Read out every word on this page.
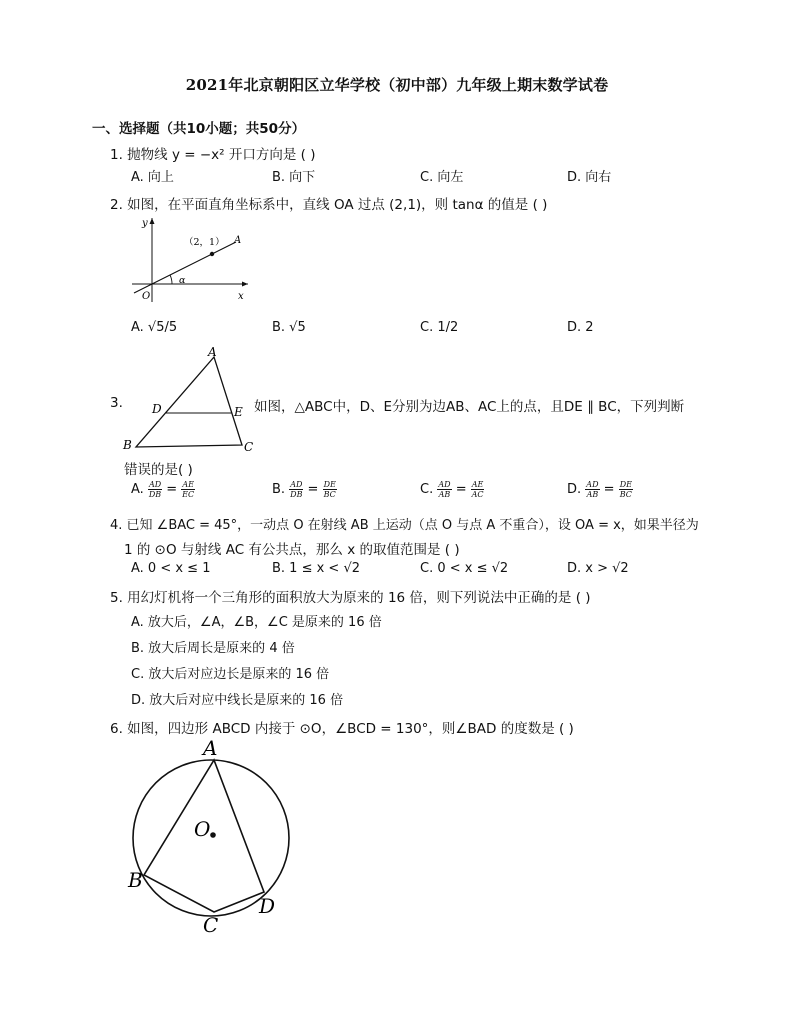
2021年北京朝阳区立华学校（初中部）九年级上期末数学试卷
一、选择题（共10小题；共50分）
1. 抛物线 y = −x² 开口方向是 ( )
A. 向上	B. 向下	C. 向左	D. 向右
2. 如图，在平面直角坐标系中，直线 OA 过点 (2,1)，则 tanα 的值是 ( )
（2，1） A
O	x
y
α
A. √5/5	B. √5	C. 1/2	D. 2
3.
A
B	C
D	E 如图，△ABC中，D、E分别为边AB、AC上的点，且DE ∥ BC，下列判断
错误的是( )
A. $\frac{AD}{DB} = \frac{AE}{EC}$	B. $\frac{AD}{DB} = \frac{DE}{BC}$	C. $\frac{AD}{AB} = \frac{AE}{AC}$	D. $\frac{AD}{AB} = \frac{DE}{BC}$
4. 已知 ∠BAC = 45°，一动点 O 在射线 AB 上运动（点 O 与点 A 不重合），设 OA = x，如果半径为
1 的 ⊙O 与射线 AC 有公共点，那么 x 的取值范围是 ( )
A. 0 < x ≤ 1	B. 1 ≤ x < √2	C. 0 < x ≤ √2	D. x > √2
5. 用幻灯机将一个三角形的面积放大为原来的 16 倍，则下列说法中正确的是 ( )
A. 放大后，∠A，∠B，∠C 是原来的 16 倍
B. 放大后周长是原来的 4 倍
C. 放大后对应边长是原来的 16 倍
D. 放大后对应中线长是原来的 16 倍
6. 如图，四边形 ABCD 内接于 ⊙O，∠BCD = 130°，则∠BAD 的度数是 ( )
A
B
C
D
O
